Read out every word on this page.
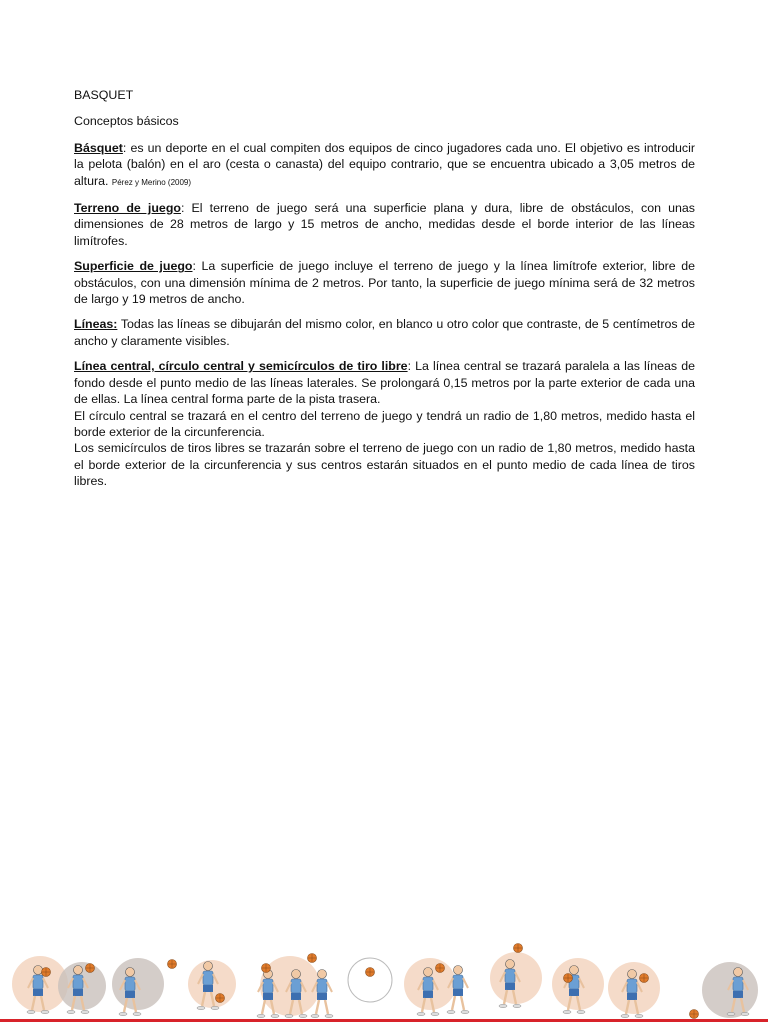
BASQUET

Conceptos básicos

Básquet: es un deporte en el cual compiten dos equipos de cinco jugadores cada uno. El objetivo es introducir la pelota (balón) en el aro (cesta o canasta) del equipo contrario, que se encuentra ubicado a 3,05 metros de altura. Pérez y Merino (2009)

Terreno de juego: El terreno de juego será una superficie plana y dura, libre de obstáculos, con unas dimensiones de 28 metros de largo y 15 metros de ancho, medidas desde el borde interior de las líneas limítrofes.

Superficie de juego: La superficie de juego incluye el terreno de juego y la línea limítrofe exterior, libre de obstáculos, con una dimensión mínima de 2 metros. Por tanto, la superficie de juego mínima será de 32 metros de largo y 19 metros de ancho.

Líneas: Todas las líneas se dibujarán del mismo color, en blanco u otro color que contraste, de 5 centímetros de ancho y claramente visibles.

Línea central, círculo central y semicírculos de tiro libre: La línea central se trazará paralela a las líneas de fondo desde el punto medio de las líneas laterales. Se prolongará 0,15 metros por la parte exterior de cada una de ellas. La línea central forma parte de la pista trasera.

El círculo central se trazará en el centro del terreno de juego y tendrá un radio de 1,80 metros, medido hasta el borde exterior de la circunferencia.

Los semicírculos de tiros libres se trazarán sobre el terreno de juego con un radio de 1,80 metros, medido hasta el borde exterior de la circunferencia y sus centros estarán situados en el punto medio de cada línea de tiros libres.
